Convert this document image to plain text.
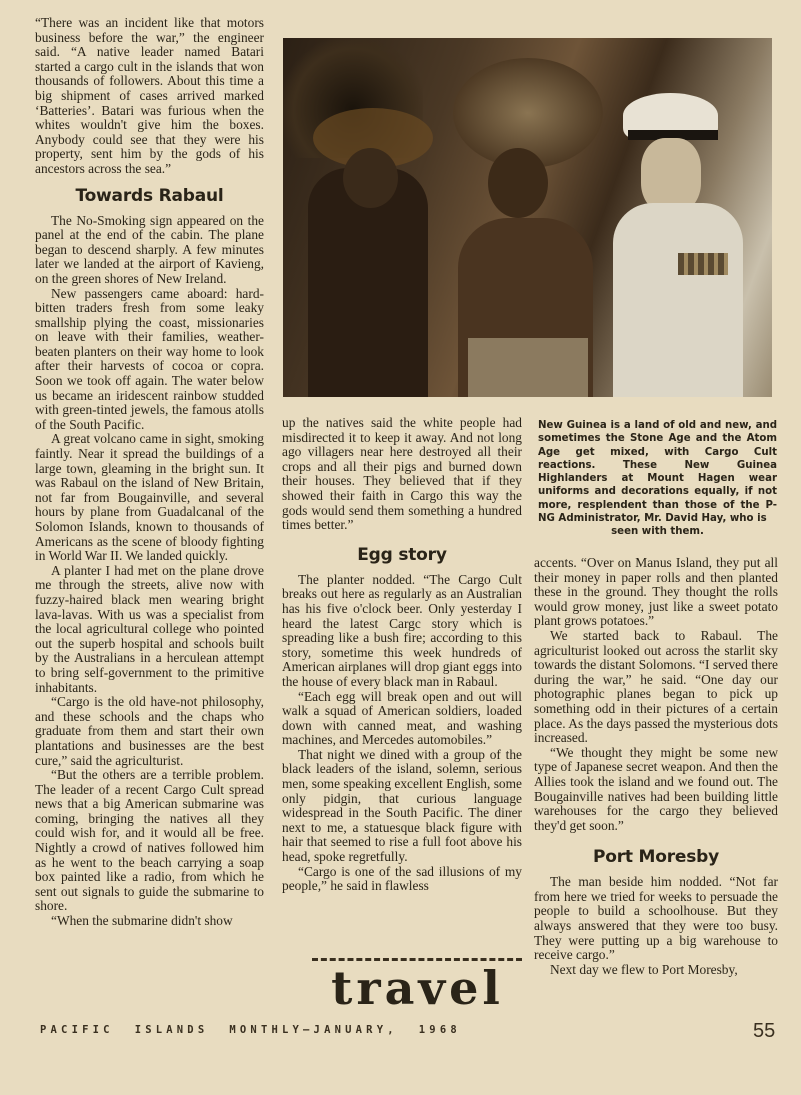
“There was an incident like that motors business before the war,” the engineer said. “A native leader named Batari started a cargo cult in the islands that won thousands of followers. About this time a big shipment of cases arrived marked ‘Batteries’. Batari was furious when the whites wouldn't give him the boxes. Anybody could see that they were his property, sent him by the gods of his ancestors across the sea.”

Towards Rabaul

The No-Smoking sign appeared on the panel at the end of the cabin. The plane began to descend sharply. A few minutes later we landed at the airport of Kavieng, on the green shores of New Ireland.

New passengers came aboard: hard-bitten traders fresh from some leaky smallship plying the coast, missionaries on leave with their families, weather-beaten planters on their way home to look after their harvests of cocoa or copra. Soon we took off again. The water below us became an iridescent rainbow studded with green-tinted jewels, the famous atolls of the South Pacific.

A great volcano came in sight, smoking faintly. Near it spread the buildings of a large town, gleaming in the bright sun. It was Rabaul on the island of New Britain, not far from Bougainville, and several hours by plane from Guadalcanal of the Solomon Islands, known to thousands of Americans as the scene of bloody fighting in World War II. We landed quickly.

A planter I had met on the plane drove me through the streets, alive now with fuzzy-haired black men wearing bright lava-lavas. With us was a specialist from the local agricultural college who pointed out the superb hospital and schools built by the Australians in a herculean attempt to bring self-government to the primitive inhabitants.

“Cargo is the old have-not philosophy, and these schools and the chaps who graduate from them and start their own plantations and businesses are the best cure,” said the agriculturist.

“But the others are a terrible problem. The leader of a recent Cargo Cult spread news that a big American submarine was coming, bringing the natives all they could wish for, and it would all be free. Nightly a crowd of natives followed him as he went to the beach carrying a soap box painted like a radio, from which he sent out signals to guide the submarine to shore.

“When the submarine didn't show

up the natives said the white people had misdirected it to keep it away. And not long ago villagers near here destroyed all their crops and all their pigs and burned down their houses. They believed that if they showed their faith in Cargo this way the gods would send them something a hundred times better.”

Egg story

The planter nodded. “The Cargo Cult breaks out here as regularly as an Australian has his five o'clock beer. Only yesterday I heard the latest Cargc story which is spreading like a bush fire; according to this story, sometime this week hundreds of American airplanes will drop giant eggs into the house of every black man in Rabaul.

“Each egg will break open and out will walk a squad of American soldiers, loaded down with canned meat, and washing machines, and Mercedes automobiles.”

That night we dined with a group of the black leaders of the island, solemn, serious men, some speaking excellent English, some only pidgin, that curious language widespread in the South Pacific. The diner next to me, a statuesque black figure with hair that seemed to rise a full foot above his head, spoke regretfully.

“Cargo is one of the sad illusions of my people,” he said in flawless

New Guinea is a land of old and new, and sometimes the Stone Age and the Atom Age get mixed, with Cargo Cult reactions. These New Guinea Highlanders at Mount Hagen wear uniforms and decorations equally, if not more, resplendent than those of the P-NG Administrator, Mr. David Hay, who is
seen with them.

accents. “Over on Manus Island, they put all their money in paper rolls and then planted these in the ground. They thought the rolls would grow money, just like a sweet potato plant grows potatoes.”

We started back to Rabaul. The agriculturist looked out across the starlit sky towards the distant Solomons. “I served there during the war,” he said. “One day our photographic planes began to pick up something odd in their pictures of a certain place. As the days passed the mysterious dots increased.

“We thought they might be some new type of Japanese secret weapon. And then the Allies took the island and we found out. The Bougainville natives had been building little warehouses for the cargo they believed they'd get soon.”

Port Moresby

The man beside him nodded. “Not far from here we tried for weeks to persuade the people to build a schoolhouse. But they always answered that they were too busy. They were putting up a big warehouse to receive cargo.”

Next day we flew to Port Moresby,

travel
PACIFIC  ISLANDS  MONTHLY—JANUARY,  1968	55
